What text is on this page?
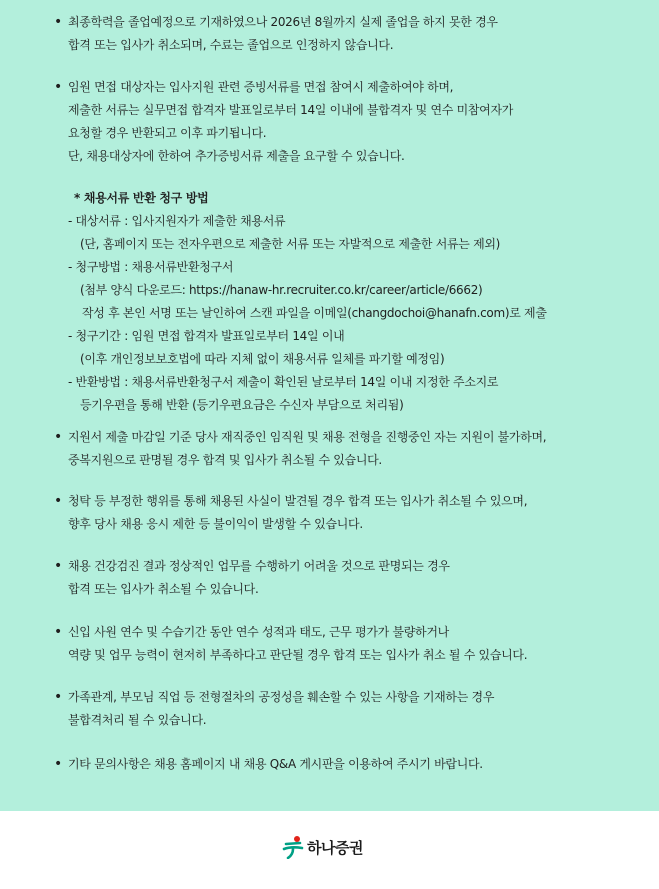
• 최종학력을 졸업예정으로 기재하였으나 2026년 8월까지 실제 졸업을 하지 못한 경우
합격 또는 입사가 취소되며, 수료는 졸업으로 인정하지 않습니다.
• 임원 면접 대상자는 입사지원 관련 증빙서류를 면접 참여시 제출하여야 하며,
제출한 서류는 실무면접 합격자 발표일로부터 14일 이내에 불합격자 및 연수 미참여자가
요청할 경우 반환되고 이후 파기됩니다.
단, 채용대상자에 한하여 추가증빙서류 제출을 요구할 수 있습니다.
* 채용서류 반환 청구 방법
- 대상서류 : 입사지원자가 제출한 채용서류
(단, 홈페이지 또는 전자우편으로 제출한 서류 또는 자발적으로 제출한 서류는 제외)
- 청구방법 : 채용서류반환청구서
(첨부 양식 다운로드: https://hanaw-hr.recruiter.co.kr/career/article/6662)
작성 후 본인 서명 또는 날인하여 스캔 파일을 이메일(changdochoi@hanafn.com)로 제출
- 청구기간 : 임원 면접 합격자 발표일로부터 14일 이내
(이후 개인정보보호법에 따라 지체 없이 채용서류 일체를 파기할 예정임)
- 반환방법 : 채용서류반환청구서 제출이 확인된 날로부터 14일 이내 지정한 주소지로
등기우편을 통해 반환 (등기우편요금은 수신자 부담으로 처리됨)
• 지원서 제출 마감일 기준 당사 재직중인 임직원 및 채용 전형을 진행중인 자는 지원이 불가하며,
중복지원으로 판명될 경우 합격 및 입사가 취소될 수 있습니다.
• 청탁 등 부정한 행위를 통해 채용된 사실이 발견될 경우 합격 또는 입사가 취소될 수 있으며,
향후 당사 채용 응시 제한 등 불이익이 발생할 수 있습니다.
• 채용 건강검진 결과 정상적인 업무를 수행하기 어려울 것으로 판명되는 경우
합격 또는 입사가 취소될 수 있습니다.
• 신입 사원 연수 및 수습기간 동안 연수 성적과 태도, 근무 평가가 불량하거나
역량 및 업무 능력이 현저히 부족하다고 판단될 경우 합격 또는 입사가 취소 될 수 있습니다.
• 가족관계, 부모님 직업 등 전형절차의 공정성을 훼손할 수 있는 사항을 기재하는 경우
불합격처리 될 수 있습니다.
• 기타 문의사항은 채용 홈페이지 내 채용 Q&A 게시판을 이용하여 주시기 바랍니다.
하나증권
